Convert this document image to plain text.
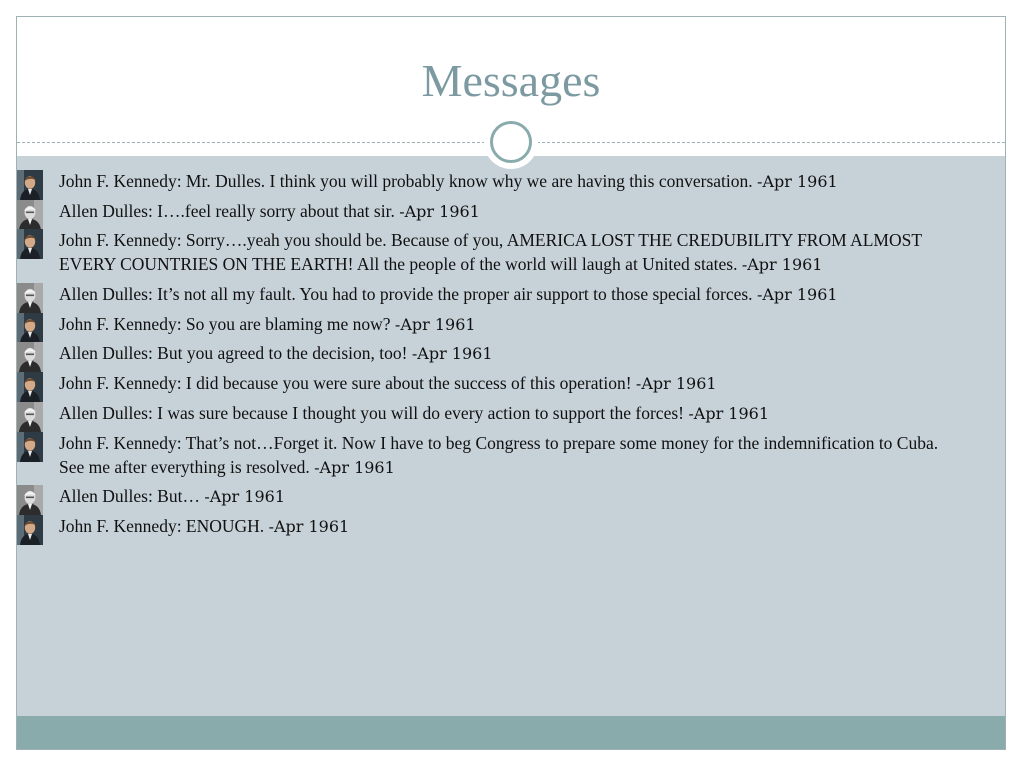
Messages
John F. Kennedy: Mr. Dulles. I think you will probably know why we are having this conversation. -Apr 1961
Allen Dulles: I….feel really sorry about that sir. -Apr 1961
John F. Kennedy: Sorry….yeah you should be. Because of you, AMERICA LOST THE CREDUBILITY FROM ALMOST EVERY COUNTRIES ON THE EARTH! All the people of the world will laugh at United states. -Apr 1961
Allen Dulles: It’s not all my fault. You had to provide the proper air support to those special forces. -Apr 1961
John F. Kennedy: So you are blaming me now? -Apr 1961
Allen Dulles: But you agreed to the decision, too! -Apr 1961
John F. Kennedy: I did because you were sure about the success of this operation! -Apr 1961
Allen Dulles: I was sure because I thought you will do every action to support the forces! -Apr 1961
John F. Kennedy: That’s not…Forget it. Now I have to beg Congress to prepare some money for the indemnification to Cuba. See me after everything is resolved. -Apr 1961
Allen Dulles: But… -Apr 1961
John F. Kennedy: ENOUGH. -Apr 1961
